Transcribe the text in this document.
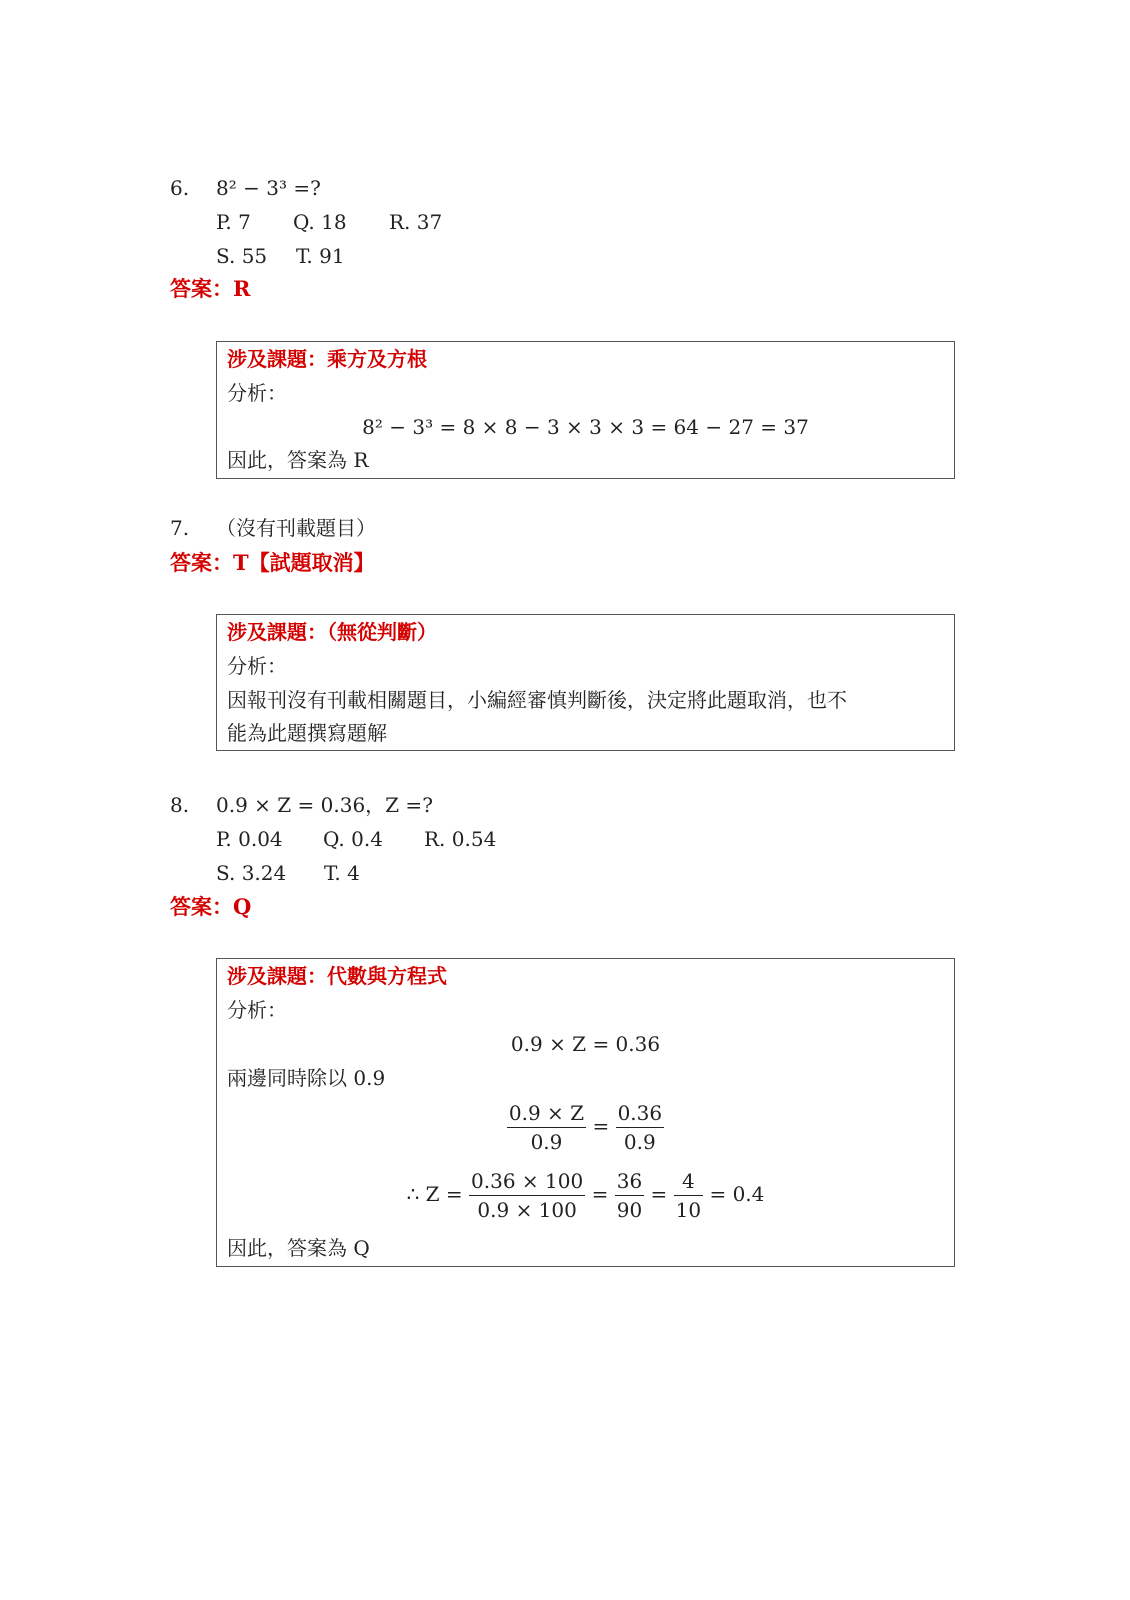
6. 8² − 3³ =?
P. 7 Q. 18 R. 37
S. 55 T. 91
答案：R
涉及課題：乘方及方根
分析：
8² − 3³ = 8 × 8 − 3 × 3 × 3 = 64 − 27 = 37
因此，答案為 R
7. （沒有刊載題目）
答案：T【試題取消】
涉及課題：（無從判斷）
分析：
因報刊沒有刊載相關題目，小編經審慎判斷後，決定將此題取消，也不
能為此題撰寫題解
8. 0.9 × Z = 0.36，Z =?
P. 0.04 Q. 0.4 R. 0.54
S. 3.24 T. 4
答案：Q
涉及課題：代數與方程式
分析：
0.9 × Z = 0.36
兩邊同時除以 0.9
$\frac{0.9 \times Z}{0.9} = \frac{0.36}{0.9}$
∴ $Z = \frac{0.36 \times 100}{0.9 \times 100} = \frac{36}{90} = \frac{4}{10} = 0.4$
因此，答案為 Q
